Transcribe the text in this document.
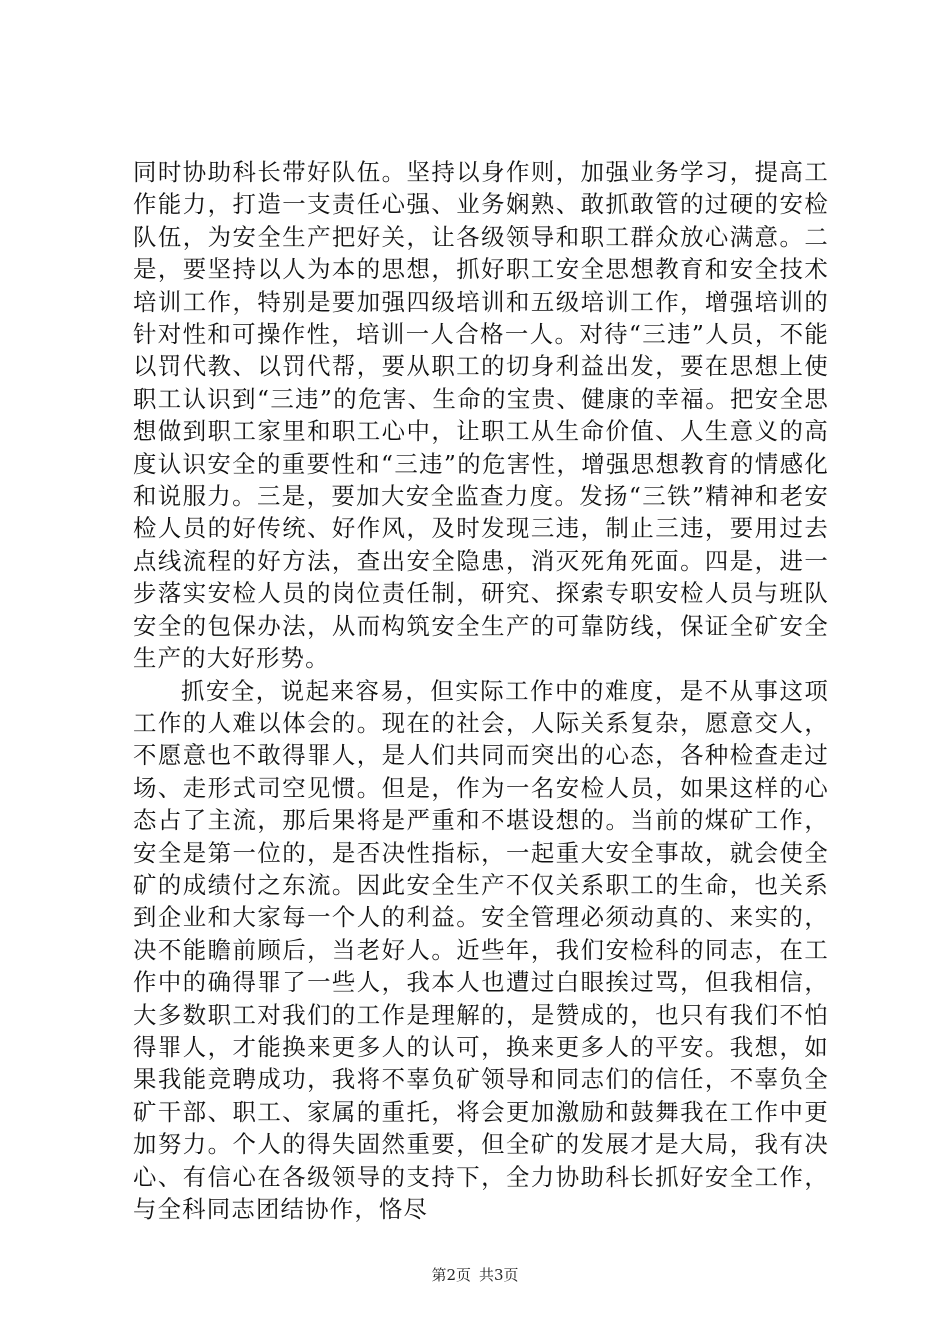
同时协助科长带好队伍。坚持以身作则，加强业务学习，提高工作能力，打造一支责任心强、业务娴熟、敢抓敢管的过硬的安检队伍，为安全生产把好关，让各级领导和职工群众放心满意。二是，要坚持以人为本的思想，抓好职工安全思想教育和安全技术培训工作，特别是要加强四级培训和五级培训工作，增强培训的针对性和可操作性，培训一人合格一人。对待“三违”人员，不能以罚代教、以罚代帮，要从职工的切身利益出发，要在思想上使职工认识到“三违”的危害、生命的宝贵、健康的幸福。把安全思想做到职工家里和职工心中，让职工从生命价值、人生意义的高度认识安全的重要性和“三违”的危害性，增强思想教育的情感化和说服力。三是，要加大安全监查力度。发扬“三铁”精神和老安检人员的好传统、好作风，及时发现三违，制止三违，要用过去点线流程的好方法，查出安全隐患，消灭死角死面。四是，进一步落实安检人员的岗位责任制，研究、探索专职安检人员与班队安全的包保办法，从而构筑安全生产的可靠防线，保证全矿安全生产的大好形势。

抓安全，说起来容易，但实际工作中的难度，是不从事这项工作的人难以体会的。现在的社会，人际关系复杂，愿意交人，不愿意也不敢得罪人，是人们共同而突出的心态，各种检查走过场、走形式司空见惯。但是，作为一名安检人员，如果这样的心态占了主流，那后果将是严重和不堪设想的。当前的煤矿工作，安全是第一位的，是否决性指标，一起重大安全事故，就会使全矿的成绩付之东流。因此安全生产不仅关系职工的生命，也关系到企业和大家每一个人的利益。安全管理必须动真的、来实的，决不能瞻前顾后，当老好人。近些年，我们安检科的同志，在工作中的确得罪了一些人，我本人也遭过白眼挨过骂，但我相信，大多数职工对我们的工作是理解的，是赞成的，也只有我们不怕得罪人，才能换来更多人的认可，换来更多人的平安。我想，如果我能竞聘成功，我将不辜负矿领导和同志们的信任，不辜负全矿干部、职工、家属的重托，将会更加激励和鼓舞我在工作中更加努力。个人的得失固然重要，但全矿的发展才是大局，我有决心、有信心在各级领导的支持下，全力协助科长抓好安全工作，与全科同志团结协作，恪尽

第2页 共3页
